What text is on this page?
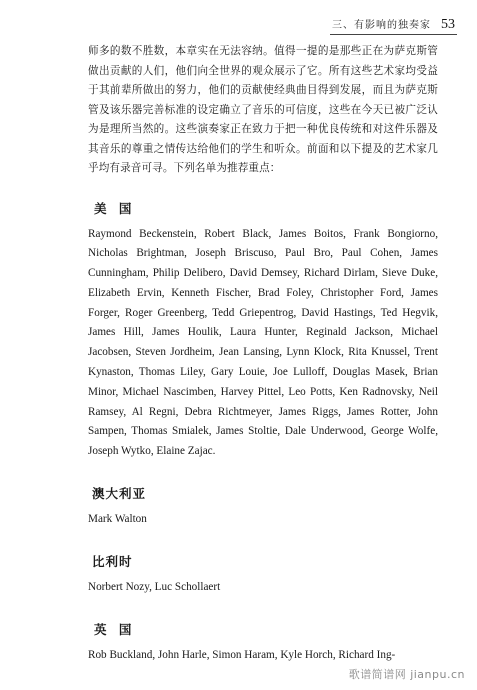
三、有影响的独奏家 53

师多的数不胜数，本章实在无法容纳。值得一提的是那些正在为萨克斯管做出贡献的人们，他们向全世界的观众展示了它。所有这些艺术家均受益于其前辈所做出的努力，他们的贡献使经典曲目得到发展，而且为萨克斯管及该乐器完善标准的设定确立了音乐的可信度，这些在今天已被广泛认为是理所当然的。这些演奏家正在致力于把一种优良传统和对这件乐器及其音乐的尊重之情传达给他们的学生和听众。前面和以下提及的艺术家几乎均有录音可寻。下列名单为推荐重点：

美 国

Raymond Beckenstein, Robert Black, James Boitos, Frank Bongiorno, Nicholas Brightman, Joseph Briscuso, Paul Bro, Paul Cohen, James Cunningham, Philip Delibero, David Demsey, Richard Dirlam, Sieve Duke, Elizabeth Ervin, Kenneth Fischer, Brad Foley, Christopher Ford, James Forger, Roger Greenberg, Tedd Griepentrog, David Hastings, Ted Hegvik, James Hill, James Houlik, Laura Hunter, Reginald Jackson, Michael Jacobsen, Steven Jordheim, Jean Lansing, Lynn Klock, Rita Knussel, Trent Kynaston, Thomas Liley, Gary Louie, Joe Lulloff, Douglas Masek, Brian Minor, Michael Nascimben, Harvey Pittel, Leo Potts, Ken Radnovsky, Neil Ramsey, Al Regni, Debra Richtmeyer, James Riggs, James Rotter, John Sampen, Thomas Smialek, James Stoltie, Dale Underwood, George Wolfe, Joseph Wytko, Elaine Zajac.

澳大利亚

Mark Walton

比利时

Norbert Nozy, Luc Schollaert

英 国

Rob Buckland, John Harle, Simon Haram, Kyle Horch, Richard Ing-

歌谱简谱网 jianpu.cn
